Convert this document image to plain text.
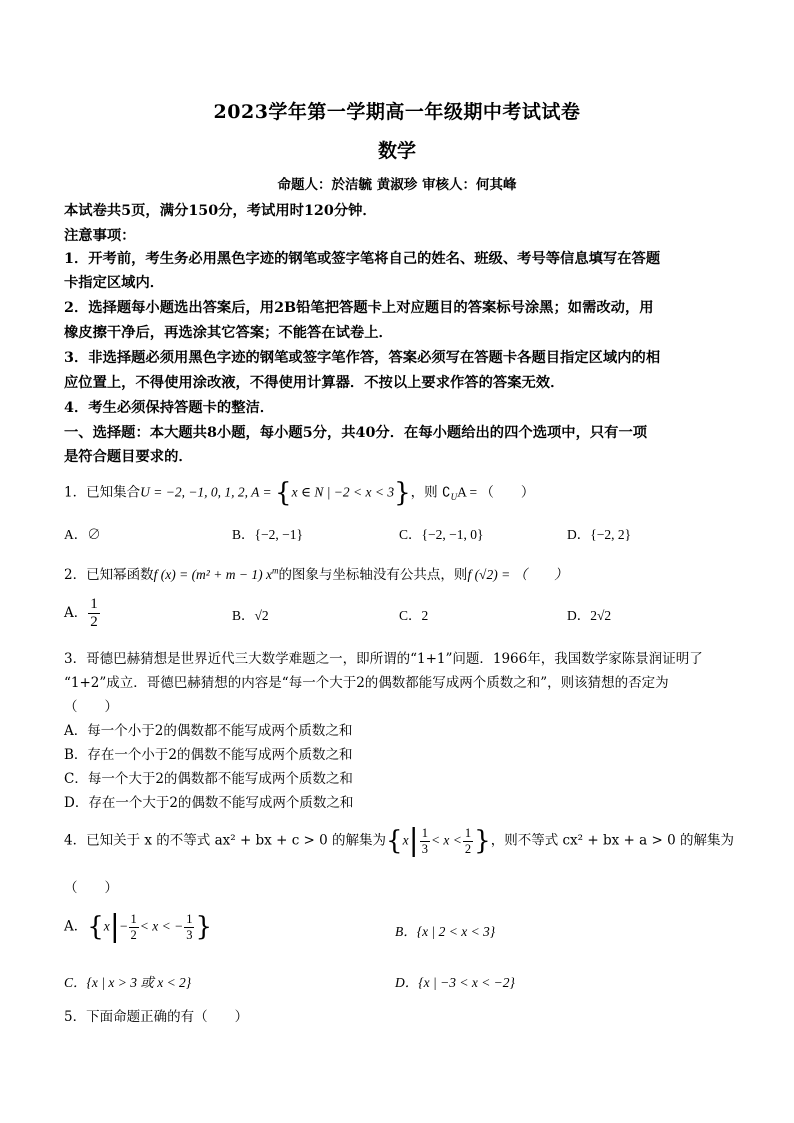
2023学年第一学期高一年级期中考试试卷
数学
命题人：於洁毓 黄淑珍 审核人：何其峰
本试卷共5页，满分150分，考试用时120分钟．
注意事项：
1．开考前，考生务必用黑色字迹的钢笔或签字笔将自己的姓名、班级、考号等信息填写在答题
卡指定区域内．
2．选择题每小题选出答案后，用2B铅笔把答题卡上对应题目的答案标号涂黑；如需改动，用
橡皮擦干净后，再选涂其它答案；不能答在试卷上．
3．非选择题必须用黑色字迹的钢笔或签字笔作答，答案必须写在答题卡各题目指定区域内的相
应位置上，不得使用涂改液，不得使用计算器．不按以上要求作答的答案无效．
4．考生必须保持答题卡的整洁．
一、选择题：本大题共8小题，每小题5分，共40分．在每小题给出的四个选项中，只有一项
是符合题目要求的．
1．已知集合U = −2, −1, 0, 1, 2, A = {x ∈ N | −2 < x < 3}，则 $∁_UA$ = （　　）
A．∅	B．{−2, −1}	C．{−2, −1, 0}	D．{−2, 2}
2．已知幂函数f (x) = (m² + m − 1) $x^m$的图象与坐标轴没有公共点，则f (√2) = （　　）
A． $\frac{1}{2}$	B．√2	C．2	D．2√2
3．哥德巴赫猜想是世界近代三大数学难题之一，即所谓的“1+1”问题．1966年，我国数学家陈景润证明了
“1+2”成立．哥德巴赫猜想的内容是“每一个大于2的偶数都能写成两个质数之和”，则该猜想的否定为
（　　）
A．每一个小于2的偶数都不能写成两个质数之和
B．存在一个小于2的偶数不能写成两个质数之和
C．每一个大于2的偶数都不能写成两个质数之和
D．存在一个大于2的偶数不能写成两个质数之和
4．已知关于 x 的不等式 ax² + bx + c > 0 的解集为{$x| \frac{1}{3} < x < \frac{1}{2}$ }，则不等式 cx² + bx + a > 0 的解集为
（　　）
A．{$x|- \frac{1}{2} < x$ < − $\frac{1}{3}$ }	B．{x | 2 < x < 3}
C．{x | x > 3 或 x < 2}	D．{x | −3 < x < −2}
5．下面命题正确的有（　　）
